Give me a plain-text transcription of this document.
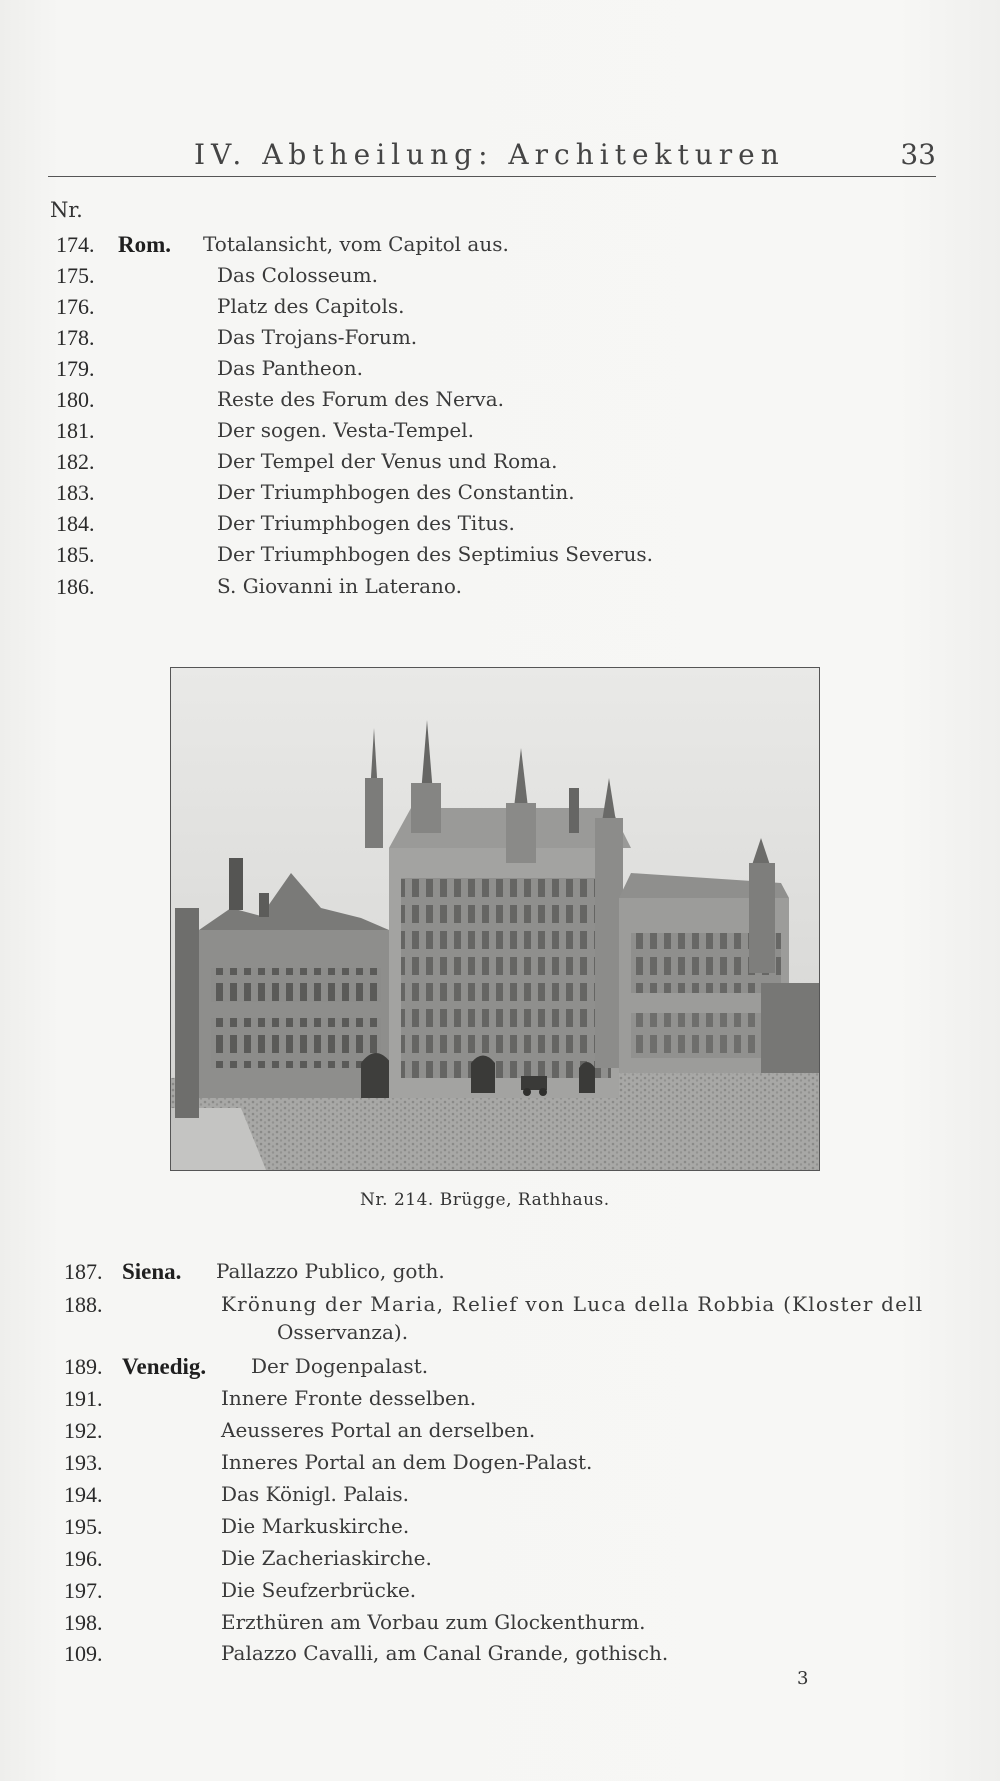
IV. Abtheilung: Architekturen	33
Nr.
174. Rom. Totalansicht, vom Capitol aus.
175.	Das Colosseum.
176.	Platz des Capitols.
178.	Das Trojans-Forum.
179.	Das Pantheon.
180.	Reste des Forum des Nerva.
181.	Der sogen. Vesta-Tempel.
182.	Der Tempel der Venus und Roma.
183.	Der Triumphbogen des Constantin.
184.	Der Triumphbogen des Titus.
185.	Der Triumphbogen des Septimius Severus.
186.	S. Giovanni in Laterano.
187. Siena. Pallazzo Publico, goth.
188.	Krönung der Maria, Relief von Luca della Robbia (Kloster dell
Osservanza).
189. Venedig. Der Dogenpalast.
191.	Innere Fronte desselben.
192.	Aeusseres Portal an derselben.
193.	Inneres Portal an dem Dogen-Palast.
194.	Das Königl. Palais.
195.	Die Markuskirche.
196.	Die Zacheriaskirche.
197.	Die Seufzerbrücke.
198.	Erzthüren am Vorbau zum Glockenthurm.
109.	Palazzo Cavalli, am Canal Grande, gothisch.
Nr. 214. Brügge, Rathhaus.
3
